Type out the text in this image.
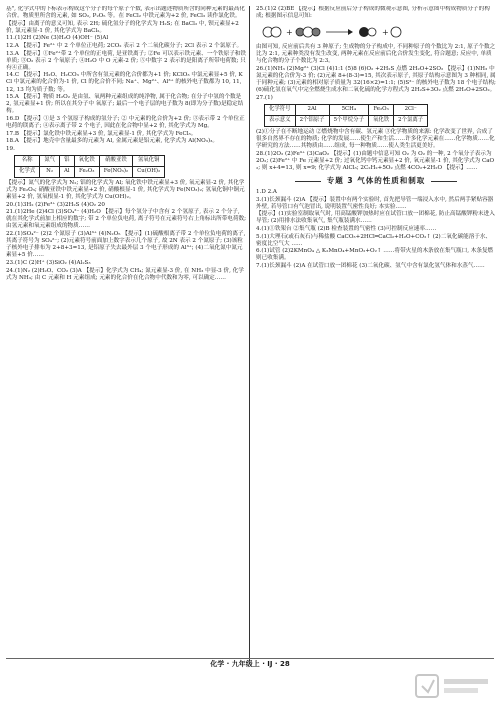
基", 化学式中的下标表示构成这个分子的每个原子个数, 表示出题述物质所含的同种元素的最高化合价。物质里所含的元素, 如 SO₂, P₂O₅ 等。在 FeCl₂ 中铁元素为+2 价, FeCl₃ 读作氯化铁。

【提示】由离子的意义可知, 表示 2H; 硫化氢分子的化学式为 H₂S; 在 BaCl₂ 中, 钡元素显+2 价, 氯元素显-1 价, 其化学式为 BaCl₂。

11.(1)2H (2)Ne (3)H₂O (4)OH⁻ (5)Al

12.A 【提示】Fe²⁺ 中 2 个单位正电荷; 2CO₂ 表示 2 个二氧化碳分子; 2Cl 表示 2 个氯原子。

13.A 【提示】①Fe²⁺带 2 个单位的正电荷, 是亚铁离子; ②Fe 可以表示铁元素、一个铁原子和铁单质; ③O₂ 表示 2 个氧原子; ④H₂O 中 O 元素-2 价; ⑤中数字 2 表示的是阳离子所带电荷数; 只有④正确。

14.C 【提示】H₂O、H₂CO₃ 中所含有氢元素的化合价都为+1 价; KClO₃ 中氯元素显+5 价, KCl 中氯元素的化合价为-1 价, Cl 的化合价不同; Na⁺、Mg²⁺、Al³⁺ 的核外电子数都为 10, 11, 12, 13 均为质子数; 等。

15.A 【提示】物质 H₂O₂ 是由氢、氧两种元素组成的纯净物, 属于化合物; 在分子中氢的个数是 2, 氢元素显+1 价; 所以在其分子中 氧原子; 最后一个电子层的电子数为 8(即为分子数)是稳定结构。

16.D 【提示】①是 3 个氢原子构成的氢分子; ② 中元素的化合价为+2 价; ③表示带 2 个单位正电荷的镁离子; ④表示离子带 2 个电子, 因此在化合物中显+2 价, 其化学式为 Mg。

17.B 【提示】氯化铁中铁元素显+3 价, 氯元素显-1 价, 其化学式为 FeCl₃。

18.A 【提示】地壳中含量最多的元素为 Al, 金属元素是铝元素, 化学式为 Al(NO₃)₃。

19.

名称	氮气	铝	氧化铁	硝酸亚铁	氢氧化铜
化学式	N₂	Al	Fe₂O₃	Fe(NO₃)₂	Cu(OH)₂

【提示】氮气的化学式为 N₂; 铝的化学式为 Al; 氧化铁中铁元素显+3 价, 氧元素显-2 价, 其化学式为 Fe₂O₃; 硝酸亚铁中铁元素显+2 价, 硝酸根显-1 价, 其化学式为 Fe(NO₃)₂; 氢氧化铜中铜元素显+2 价, 氢氧根显-1 价, 其化学式为 Cu(OH)₂。

20.(1)3H₂ (2)Fe³⁺ (3)2H₂S (4)O₂ 20

21.(1)2He (2)4Cl (3)SO₄²⁻ (4)H₂O 【提示】每个氢分子中含有 2 个氢原子, 表示 2 个分子, 就在其化学式前加上相应的数字; 带 2 个单位负电荷, 离子符号在元素符号右上角标出所带电荷数; 由氢元素和氧元素组成的物质……

22.(1)SO₄²⁻ (2)2 个氮原子 (3)Al³⁺ (4)N₂O₅ 【提示】(1)硫酸根离子带 2 个单位负电荷的离子, 其离子符号为 SO₄²⁻; (2)元素符号前面加上数字表示几个原子, 故 2N 表示 2 个氮原子; (3)该粒子核外电子排布为 2+8+3=13, 是铝原子失去最外层 3 个电子形成的 Al³⁺; (4)二氧化氮中氮元素显+5 价……

23.(1)C (2)H⁺ (3)SiO₂ (4)Al₂S₃

24.(1)N₂ (2)H₂O、CO₂ (3)A 【提示】化学式为 CH₄; 氮元素显-3 价, 在 NH₃ 中显-3 价, 化学式为 NH₃; 由 C 元素和 H 元素组成; 元素的化合价在化合物中代数和为零, 可以确定……

25.(1)2 (2)BE 【提示】根据反应前后分子构成的微观示意图, 分析示意图中构成物质分子的构成; 根据图示信息可知:

+	+

由图可知, 反应前后共有 3 种原子; 生成物的分子构成中, 不同种原子的个数比为 2:1, 原子个数之比为 2:1, 元素种类没有发生改变, 两种元素在反应前后化合价发生变化, 符合题意; 反应中, 单质与化合物的分子个数比为 2:3。

26.(1)NH₃ (2)Mg²⁺ (3)Cl (4)1:1 (5)8 (6)O₂ +2H₂S 点燃 2H₂O+2SO₂ 【提示】(1)NH₃ 中氮元素的化合价为-3 价; (2)元素 8+(8-3)=15, 其次表示原子, 其原子结构示意图为 3 种相同, 属于同种元素; (3)元素的相对原子质量为 32(16×2)=1:1; (5)S²⁻ 的核外电子数为 18 个电子结构; (6)硫化氢在氧气中完全燃烧生成水和二氧化硫的化学方程式为 2H₂S+3O₂ 点燃 2H₂O+2SO₂。

27.(1)

化学符号	2Al	5CH₄	Fe₂O₃	2Cl⁻
表示意义	2个铝原子	5个甲烷分子	氧化铁	2个氯离子

(2)①分子在不断地运动 ②燃烧物中含有碳、氢元素 ③化学物质的来源: 化学改变了世界, 合成了很多自然界不存在的物质; 化学的发展……使生产和生活……许多化学元素在……化学物质……化学研究的方法……其物质由……组成, 每一种物质……使人类生活更美好。

28.(1)2O₂ (2)Fe³⁺ (3)CaO₂ 【提示】(1)由题中信息可知 O₂ 为 O₂ 的一种, 2 个氧分子表示为 2O₂; (2)Fe²⁺ 中 Fe 元素显+2 价; 过氧化钙中钙元素显+2 价, 氧元素显-1 价, 其化学式为 CaO₂; 则 x+4=13, 则 x=9; 化学式为 AlCl₃; 2C₂H₂+5O₂ 点燃 4CO₂+2H₂O 【提示】……

专题 3 气体的性质和制取

1.D 2.A

3.(1)长颈漏斗 (2)A 【提示】装置中有两个实验时, 首先把导管一端浸入水中, 然后两手紧贴容器外壁, 若导管口有气泡冒出, 说明装置气密性良好; 本实验……

【提示】(1)实验室制取氧气时, 用高锰酸钾加热时应在试管口放一团棉花, 防止高锰酸钾粉末进入导管; (2)用排水法收集氧气, 集气瓶装满水……

4.(1)①铁架台 ②集气瓶 (2)B 检查装置的气密性 (3)可控制反应速率……

5.(1)大理石(或石灰石)与稀盐酸 CaCO₃+2HCl═CaCl₂+H₂O+CO₂↑ (2)二氧化碳能溶于水、密度比空气大 ……

6.(1)试管 (2)2KMnO₄ △ K₂MnO₄+MnO₂+O₂↑ ……将带火星的木条放在集气瓶口, 木条复燃则已收集满。

7.(1)长颈漏斗 (2)A 在试管口放一团棉花 (3)二氧化碳、氢气中含有氯化氢气体和水蒸气……

化学 · 九年级上 · IJ · 28
